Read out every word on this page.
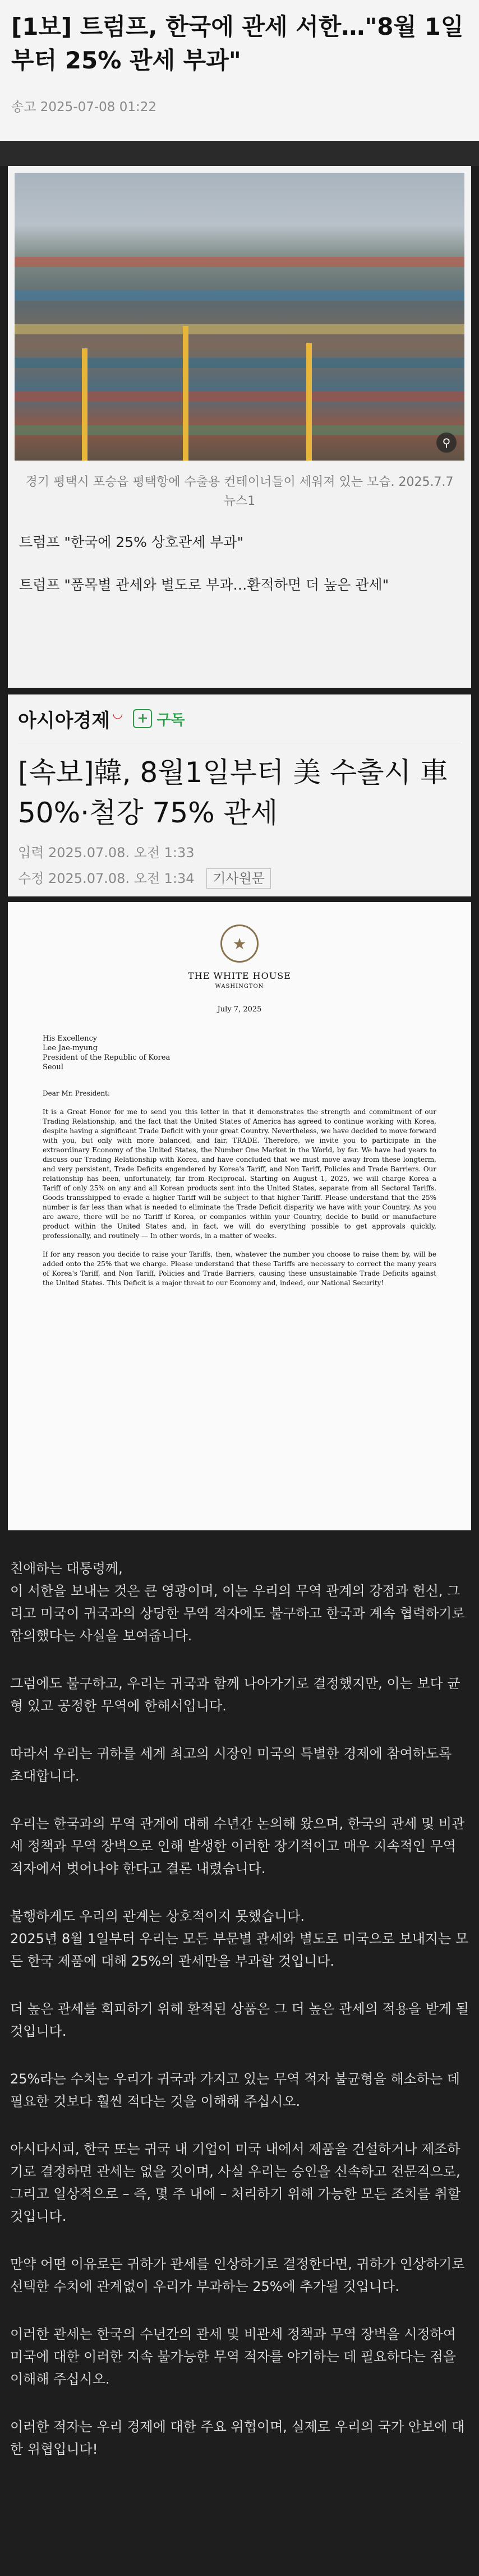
[1보] 트럼프, 한국에 관세 서한…"8월 1일부터 25% 관세 부과"
송고 2025-07-08 01:22
⚲
경기 평택시 포승읍 평택항에 수출용 컨테이너들이 세워져 있는 모습. 2025.7.7 뉴스1
트럼프 "한국에 25% 상호관세 부과"
트럼프 "품목별 관세와 별도로 부과…환적하면 더 높은 관세"
아시아경제 ◡ + 구독
[속보]韓, 8월1일부터 美 수출시 車 50%·철강 75% 관세
입력 2025.07.08. 오전 1:33
수정 2025.07.08. 오전 1:34 기사원문
★
THE WHITE HOUSE
WASHINGTON
July 7, 2025
His Excellency
Lee Jae-myung
President of the Republic of Korea
Seoul
Dear Mr. President:
It is a Great Honor for me to send you this letter in that it demonstrates the strength and commitment of our Trading Relationship, and the fact that the United States of America has agreed to continue working with Korea, despite having a significant Trade Deficit with your great Country. Nevertheless, we have decided to move forward with you, but only with more balanced, and fair, TRADE. Therefore, we invite you to participate in the extraordinary Economy of the United States, the Number One Market in the World, by far. We have had years to discuss our Trading Relationship with Korea, and have concluded that we must move away from these longterm, and very persistent, Trade Deficits engendered by Korea's Tariff, and Non Tariff, Policies and Trade Barriers. Our relationship has been, unfortunately, far from Reciprocal. Starting on August 1, 2025, we will charge Korea a Tariff of only 25% on any and all Korean products sent into the United States, separate from all Sectoral Tariffs. Goods transshipped to evade a higher Tariff will be subject to that higher Tariff. Please understand that the 25% number is far less than what is needed to eliminate the Trade Deficit disparity we have with your Country. As you are aware, there will be no Tariff if Korea, or companies within your Country, decide to build or manufacture product within the United States and, in fact, we will do everything possible to get approvals quickly, professionally, and routinely — In other words, in a matter of weeks.
If for any reason you decide to raise your Tariffs, then, whatever the number you choose to raise them by, will be added onto the 25% that we charge. Please understand that these Tariffs are necessary to correct the many years of Korea's Tariff, and Non Tariff, Policies and Trade Barriers, causing these unsustainable Trade Deficits against the United States. This Deficit is a major threat to our Economy and, indeed, our National Security!

친애하는 대통령께,
이 서한을 보내는 것은 큰 영광이며, 이는 우리의 무역 관계의 강점과 헌신, 그리고 미국이 귀국과의 상당한 무역 적자에도 불구하고 한국과 계속 협력하기로 합의했다는 사실을 보여줍니다.

그럼에도 불구하고, 우리는 귀국과 함께 나아가기로 결정했지만, 이는 보다 균형 있고 공정한 무역에 한해서입니다.

따라서 우리는 귀하를 세계 최고의 시장인 미국의 특별한 경제에 참여하도록 초대합니다.

우리는 한국과의 무역 관계에 대해 수년간 논의해 왔으며, 한국의 관세 및 비관세 정책과 무역 장벽으로 인해 발생한 이러한 장기적이고 매우 지속적인 무역 적자에서 벗어나야 한다고 결론 내렸습니다.

불행하게도 우리의 관계는 상호적이지 못했습니다.
2025년 8월 1일부터 우리는 모든 부문별 관세와 별도로 미국으로 보내지는 모든 한국 제품에 대해 25%의 관세만을 부과할 것입니다.

더 높은 관세를 회피하기 위해 환적된 상품은 그 더 높은 관세의 적용을 받게 될 것입니다.

25%라는 수치는 우리가 귀국과 가지고 있는 무역 적자 불균형을 해소하는 데 필요한 것보다 훨씬 적다는 것을 이해해 주십시오.

아시다시피, 한국 또는 귀국 내 기업이 미국 내에서 제품을 건설하거나 제조하기로 결정하면 관세는 없을 것이며, 사실 우리는 승인을 신속하고 전문적으로, 그리고 일상적으로 – 즉, 몇 주 내에 – 처리하기 위해 가능한 모든 조치를 취할 것입니다.

만약 어떤 이유로든 귀하가 관세를 인상하기로 결정한다면, 귀하가 인상하기로 선택한 수치에 관계없이 우리가 부과하는 25%에 추가될 것입니다.

이러한 관세는 한국의 수년간의 관세 및 비관세 정책과 무역 장벽을 시정하여 미국에 대한 이러한 지속 불가능한 무역 적자를 야기하는 데 필요하다는 점을 이해해 주십시오.

이러한 적자는 우리 경제에 대한 주요 위협이며, 실제로 우리의 국가 안보에 대한 위협입니다!
